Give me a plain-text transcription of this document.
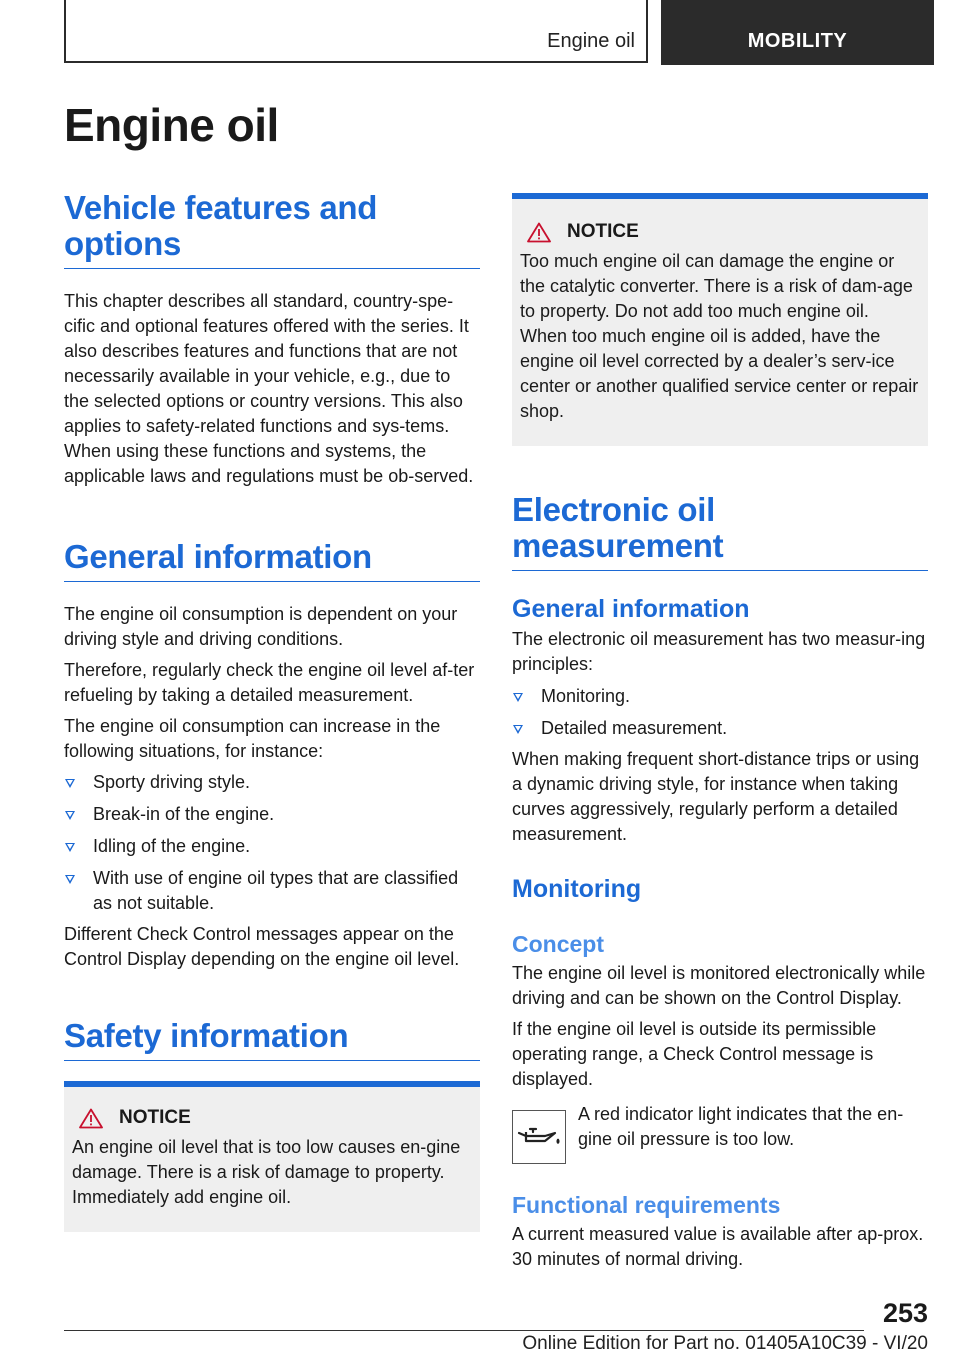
Engine oil	MOBILITY
Engine oil
Vehicle features and options

This chapter describes all standard, country-spe-cific and optional features offered with the series. It also describes features and functions that are not necessarily available in your vehicle, e.g., due to the selected options or country versions. This also applies to safety-related functions and sys-tems. When using these functions and systems, the applicable laws and regulations must be ob-served.

General information

The engine oil consumption is dependent on your driving style and driving conditions.

Therefore, regularly check the engine oil level af-ter refueling by taking a detailed measurement.

The engine oil consumption can increase in the following situations, for instance:

Sporty driving style.
Break-in of the engine.
Idling of the engine.
With use of engine oil types that are classified as not suitable.

Different Check Control messages appear on the Control Display depending on the engine oil level.

Safety information
NOTICE

An engine oil level that is too low causes en-gine damage. There is a risk of damage to property. Immediately add engine oil.

NOTICE

Too much engine oil can damage the engine or the catalytic converter. There is a risk of dam-age to property. Do not add too much engine oil. When too much engine oil is added, have the engine oil level corrected by a dealer’s serv-ice center or another qualified service center or repair shop.

Electronic oil measurement
General information

The electronic oil measurement has two measur-ing principles:

Monitoring.
Detailed measurement.

When making frequent short-distance trips or using a dynamic driving style, for instance when taking curves aggressively, regularly perform a detailed measurement.

Monitoring
Concept

The engine oil level is monitored electronically while driving and can be shown on the Control Display.

If the engine oil level is outside its permissible operating range, a Check Control message is displayed.

A red indicator light indicates that the en-gine oil pressure is too low.

Functional requirements

A current measured value is available after ap-prox. 30 minutes of normal driving.

253
Online Edition for Part no. 01405A10C39 - VI/20
